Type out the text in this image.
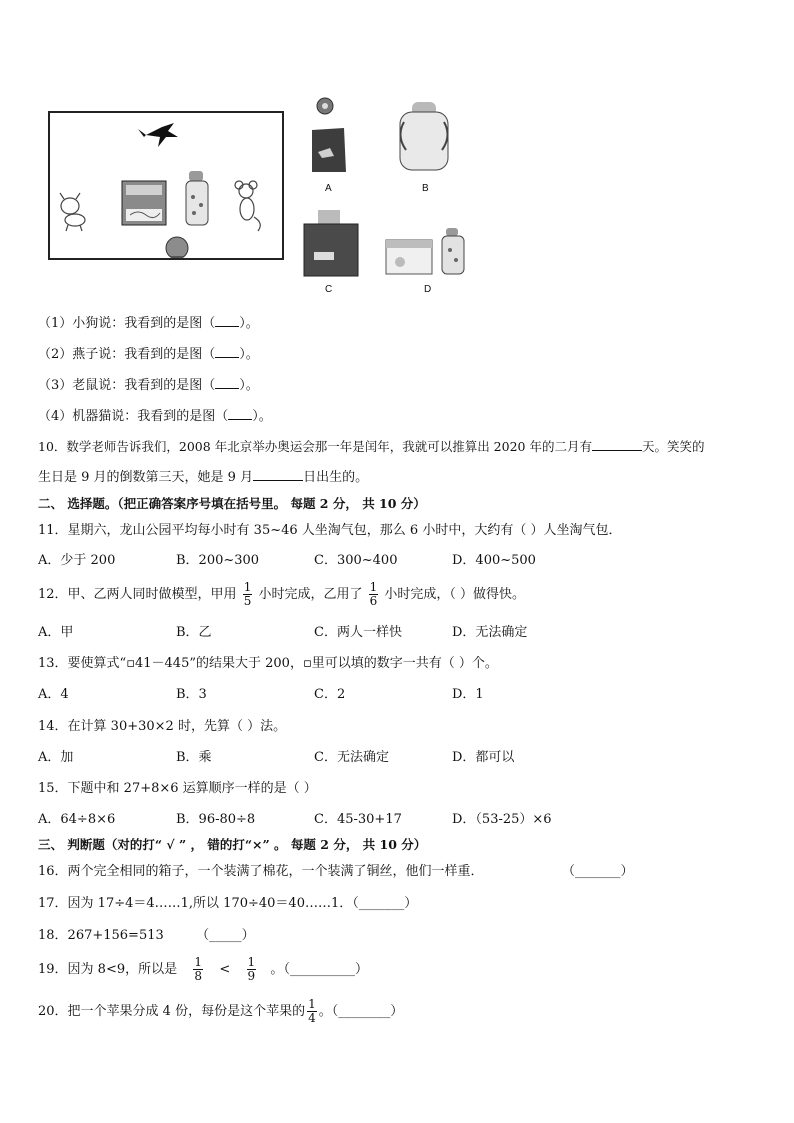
A	B
C	D
（1）小狗说：我看到的是图（ ）。
（2）燕子说：我看到的是图（ ）。
（3）老鼠说：我看到的是图（ ）。
（4）机器猫说：我看到的是图（ ）。
10．数学老师告诉我们，2008 年北京举办奥运会那一年是闰年，我就可以推算出 2020 年的二月有	天。笑笑的
生日是 9 月的倒数第三天，她是 9 月	日出生的。
二、 选择题。（把正确答案序号填在括号里。 每题 2 分， 共 10 分）
11．星期六，龙山公园平均每小时有 35~46 人坐淘气包，那么 6 小时中，大约有（ ）人坐淘气包．
A．少于 200	B．200~300	C．300~400	D．400~500
12．甲、乙两人同时做模型，甲用 $\frac{1}{5}$ 小时完成，乙用了 $\frac{1}{6}$ 小时完成，（ ）做得快。
A．甲	B．乙	C．两人一样快	D．无法确定
13．要使算式“▫41－445”的结果大于 200，▫里可以填的数字一共有（ ）个。
A．4	B．3	C．2	D．1
14．在计算 30+30×2 时，先算（ ）法。
A．加	B．乘	C．无法确定	D．都可以
15．下题中和 27+8×6 运算顺序一样的是（ ）
A．64÷8×6	B．96-80÷8	C．45-30+17	D．（53-25）×6
三、 判断题（对的打“ √ ” ， 错的打“×” 。 每题 2 分， 共 10 分）
16．两个完全相同的箱子，一个装满了棉花，一个装满了铜丝，他们一样重．	（_______）
17．因为 17÷4＝4……1,所以 170÷40＝40……1．（_______）
18．267+156=513 （_____）
19．因为 8<9，所以是 $\frac{1}{8} < \frac{1}{9}$ 。（__________）
20．把一个苹果分成 4 份，每份是这个苹果的 $\frac{1}{4}$ 。（________）
